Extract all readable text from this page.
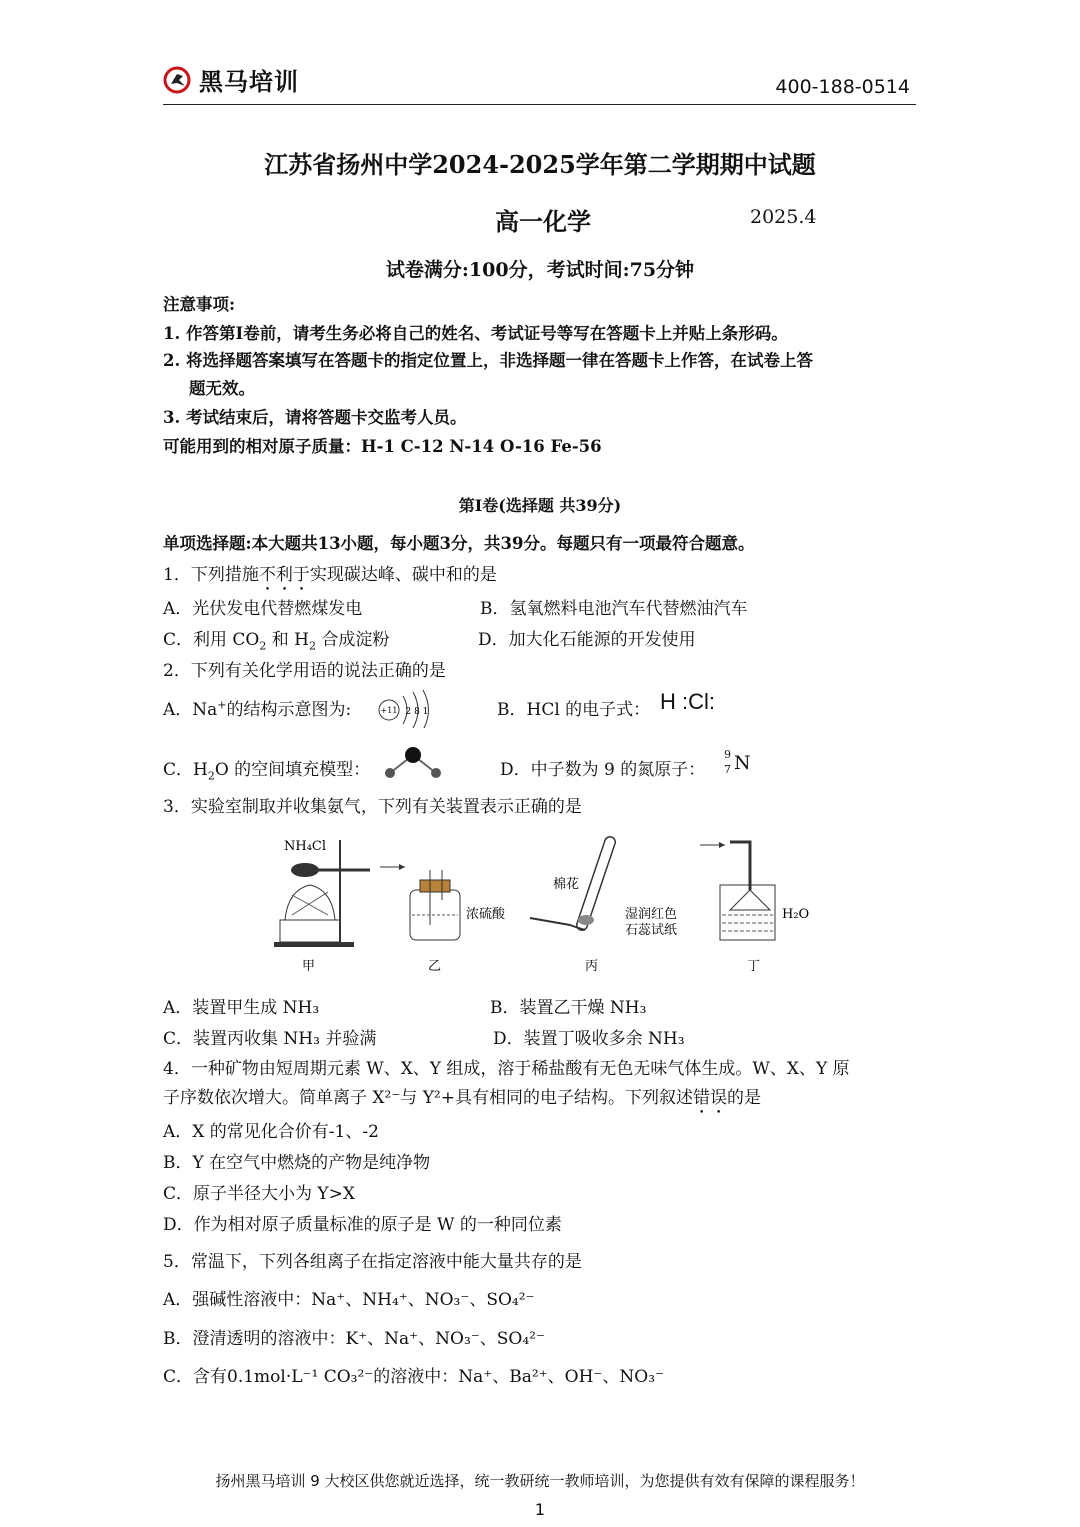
黑马培训	400-188-0514
江苏省扬州中学2024-2025学年第二学期期中试题
高一化学	2025.4
试卷满分:100分，考试时间:75分钟
注意事项:
1. 作答第I卷前，请考生务必将自己的姓名、考试证号等写在答题卡上并贴上条形码。
2. 将选择题答案填写在答题卡的指定位置上，非选择题一律在答题卡上作答，在试卷上答
题无效。
3. 考试结束后，请将答题卡交监考人员。
可能用到的相对原子质量：H-1 C-12 N-14 O-16 Fe-56
第I卷(选择题 共39分)
单项选择题:本大题共13小题，每小题3分，共39分。每题只有一项最符合题意。
1．下列措施不利于实现碳达峰、碳中和的是
A．光伏发电代替燃煤发电	B．氢氧燃料电池汽车代替燃油汽车
C．利用 $CO_2$ 和 $H_2$ 合成淀粉	D．加大化石能源的开发使用
2．下列有关化学用语的说法正确的是
A．Na+的结构示意图为:	+11 2 8 1	B．HCl 的电子式： H :Cl:
C．$H_2O$ 的空间填充模型：	D．中子数为 9 的氮原子：
9
7 N
3．实验室制取并收集氨气，下列有关装置表示正确的是
NH₄Cl
浓硫酸
棉花
湿润红色
石蕊试纸
H₂O
甲	乙	丙	丁
A．装置甲生成 NH₃	B．装置乙干燥 NH₃
C．装置丙收集 NH₃ 并验满	D．装置丁吸收多余 NH₃
4．一种矿物由短周期元素 W、X、Y 组成，溶于稀盐酸有无色无味气体生成。W、X、Y 原
子序数依次增大。简单离子 X²⁻与 Y²+具有相同的电子结构。下列叙述错误的是
A．X 的常见化合价有-1、-2
B．Y 在空气中燃烧的产物是纯净物
C．原子半径大小为 Y>X
D．作为相对原子质量标准的原子是 W 的一种同位素
5．常温下，下列各组离子在指定溶液中能大量共存的是
A．强碱性溶液中：Na⁺、NH₄⁺、NO₃⁻、SO₄²⁻
B．澄清透明的溶液中：K⁺、Na⁺、NO₃⁻、SO₄²⁻
C．含有0.1mol·L⁻¹ CO₃²⁻的溶液中：Na⁺、Ba²⁺、OH⁻、NO₃⁻
扬州黑马培训 9 大校区供您就近选择，统一教研统一教师培训，为您提供有效有保障的课程服务！
1
